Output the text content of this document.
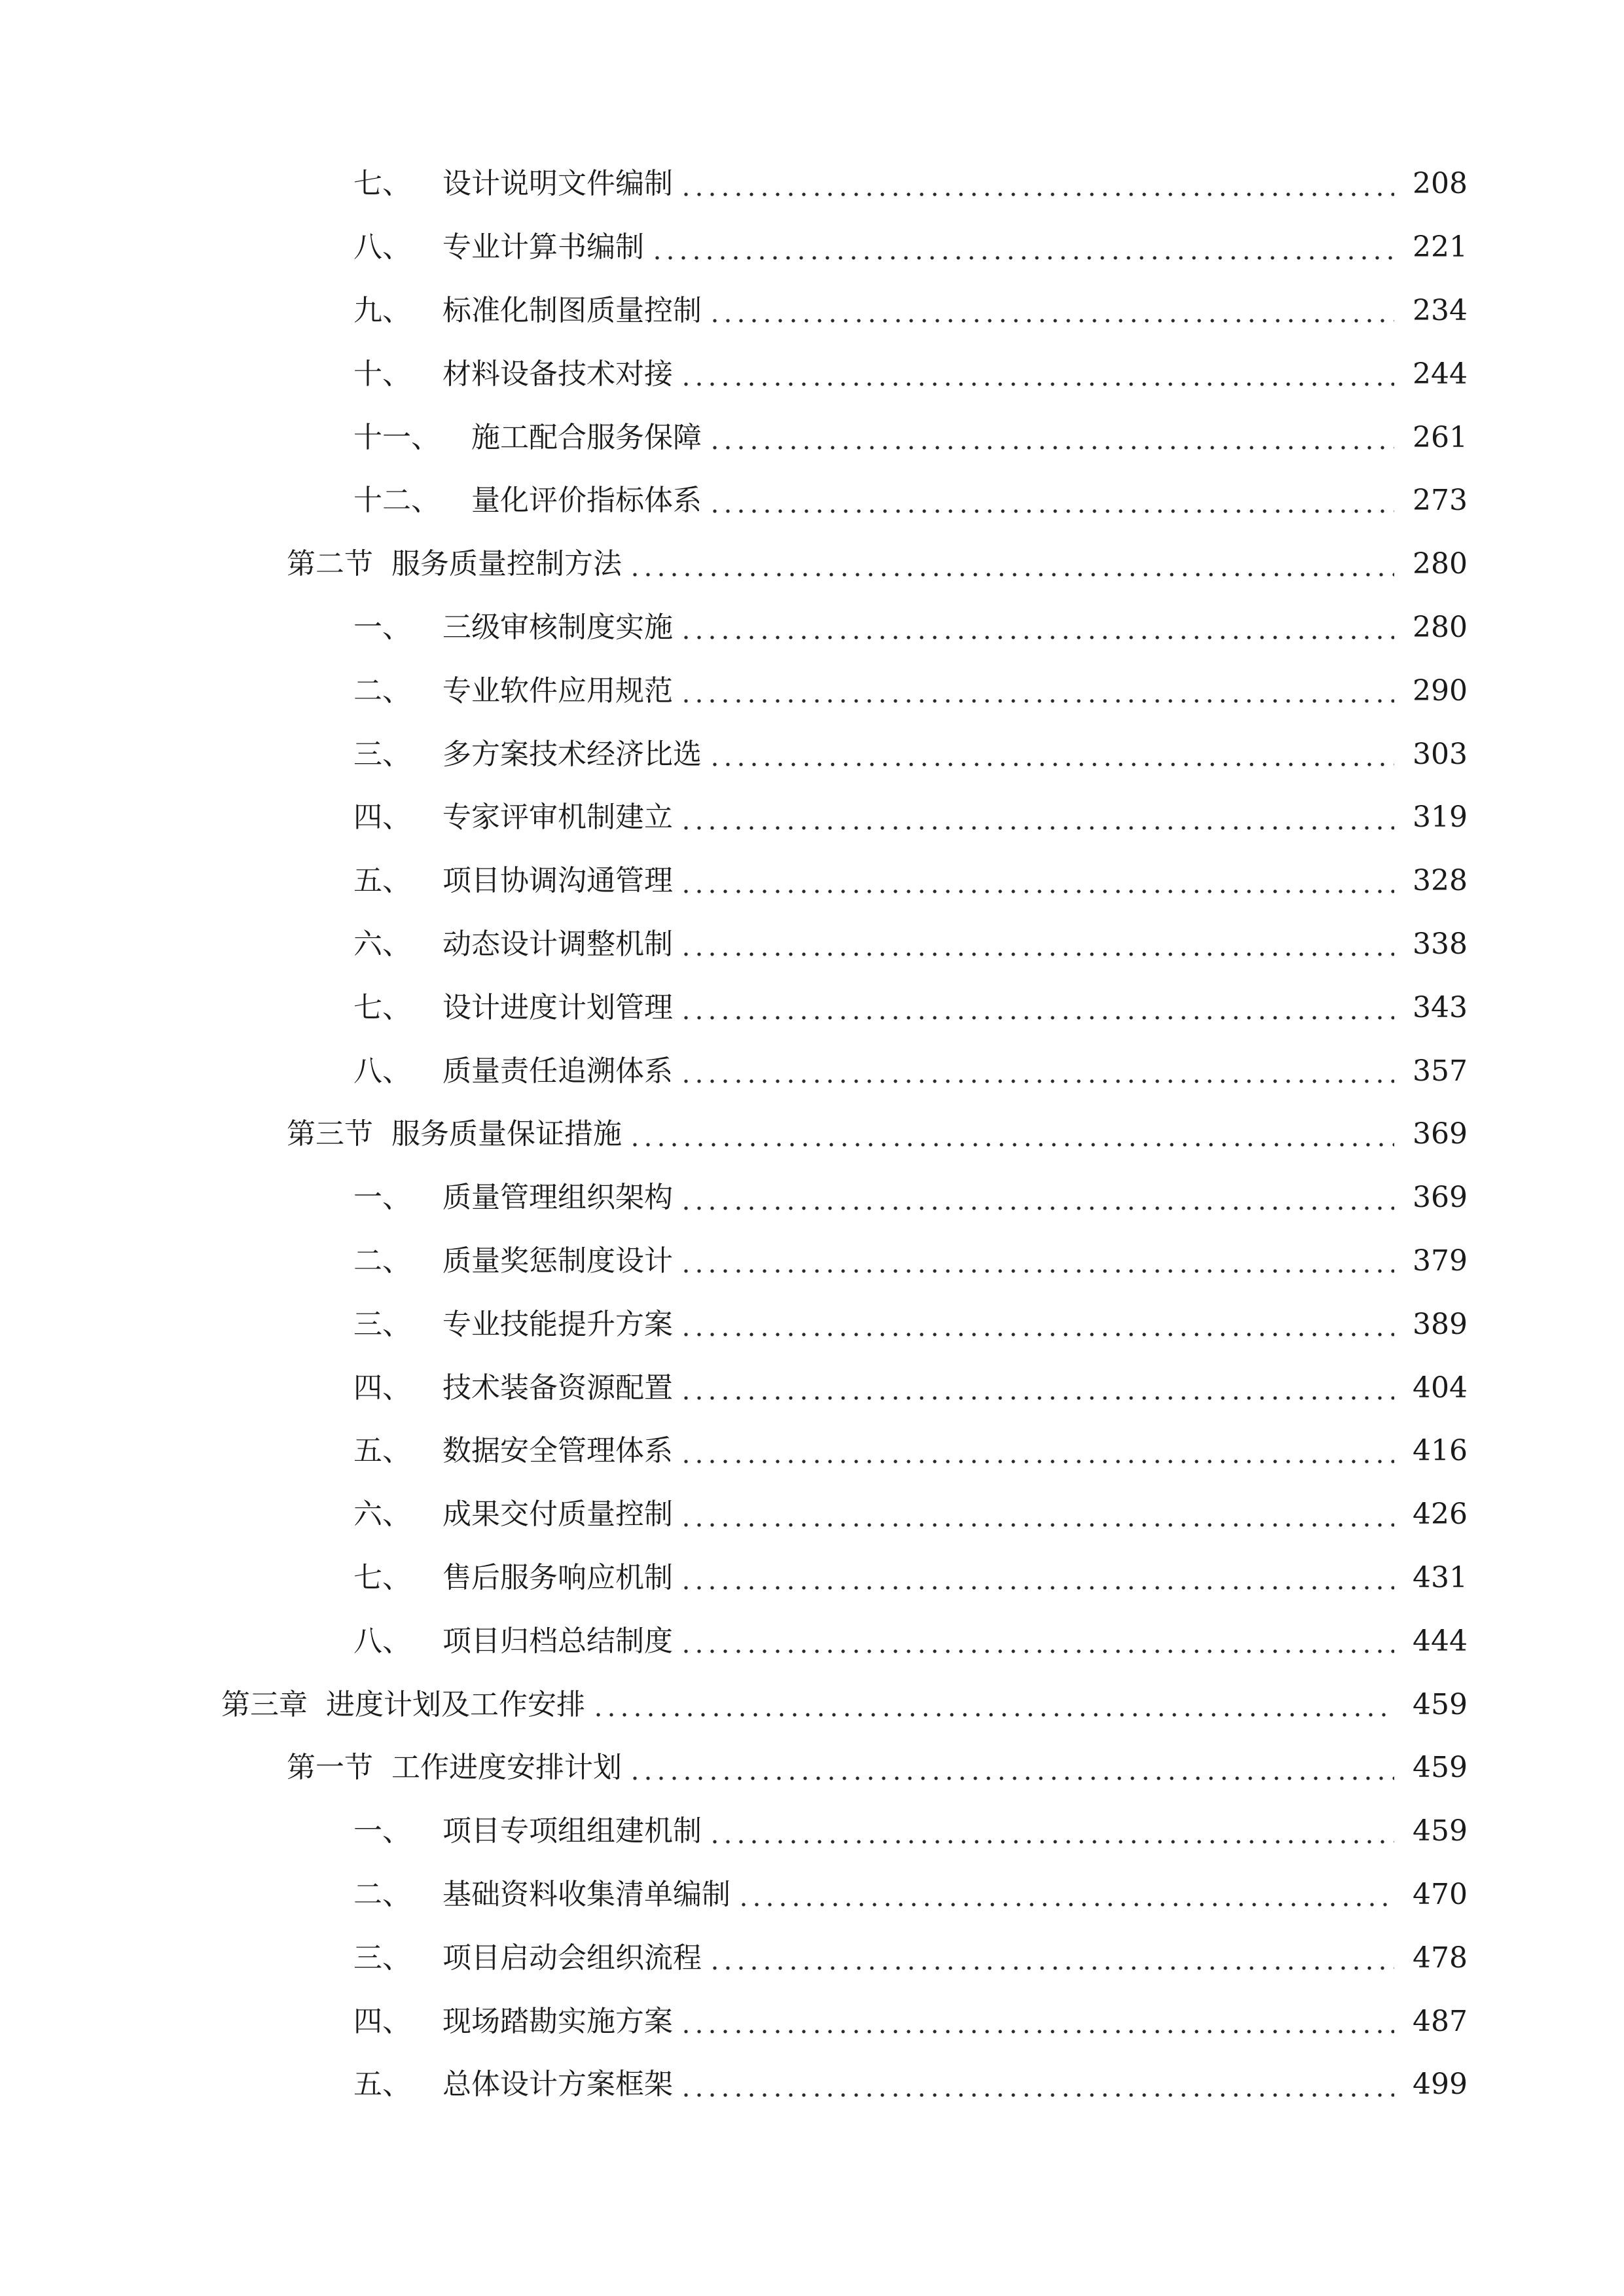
七、 设计说明文件编制	208
八、 专业计算书编制	221
九、 标准化制图质量控制	234
十、 材料设备技术对接	244
十一、 施工配合服务保障	261
十二、 量化评价指标体系	273
第二节 服务质量控制方法	280
一、 三级审核制度实施	280
二、 专业软件应用规范	290
三、 多方案技术经济比选	303
四、 专家评审机制建立	319
五、 项目协调沟通管理	328
六、 动态设计调整机制	338
七、 设计进度计划管理	343
八、 质量责任追溯体系	357
第三节 服务质量保证措施	369
一、 质量管理组织架构	369
二、 质量奖惩制度设计	379
三、 专业技能提升方案	389
四、 技术装备资源配置	404
五、 数据安全管理体系	416
六、 成果交付质量控制	426
七、 售后服务响应机制	431
八、 项目归档总结制度	444
第三章 进度计划及工作安排	459
第一节 工作进度安排计划	459
一、 项目专项组组建机制	459
二、 基础资料收集清单编制	470
三、 项目启动会组织流程	478
四、 现场踏勘实施方案	487
五、 总体设计方案框架	499
